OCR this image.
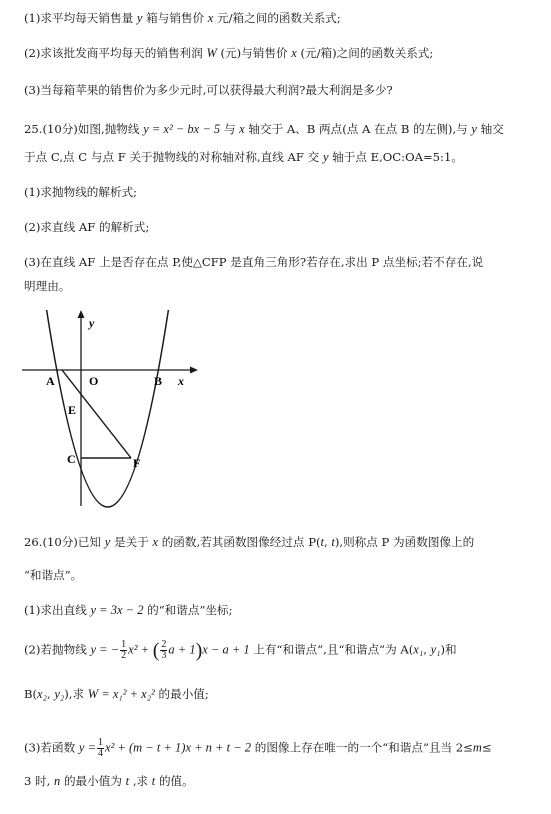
(1)求平均每天销售量 y 箱与销售价 x 元/箱之间的函数关系式;
(2)求该批发商平均每天的销售利润 W (元)与销售价 x (元/箱)之间的函数关系式;
(3)当每箱苹果的销售价为多少元时,可以获得最大利润?最大利润是多少?
25.(10分)如图,抛物线 y = x² − bx − 5 与 x 轴交于 A、B 两点(点 A 在点 B 的左侧),与 y 轴交
于点 C,点 C 与点 F 关于抛物线的对称轴对称,直线 AF 交 y 轴于点 E,OC:OA=5:1。
(1)求抛物线的解析式;
(2)求直线 AF 的解析式;
(3)在直线 AF 上是否存在点 P,使△CFP 是直角三角形?若存在,求出 P 点坐标;若不存在,说
明理由。
y
A	O	B x
E
C	F
26.(10分)已知 y 是关于 x 的函数,若其函数图像经过点 P(t, t),则称点 P 为函数图像上的
“和谐点”。
(1)求出直线 y = 3x − 2 的“和谐点”坐标;
(2)若抛物线 y = − $\frac{1}{2} x^2$ + ( $\frac{2}{3}$ a + 1)x − a + 1 上有“和谐点”,且“和谐点”为 A(x₁, y₁)和
B(x₂, y₂),求 W = x₁² + x₂² 的最小值;
(3)若函数 $y = \frac{1}{4} x^2 + (m - t + 1)x + n + t - 2$ 的图像上存在唯一的一个“和谐点”且当 2≤m≤
3 时, n 的最小值为 t ,求 t 的值。
